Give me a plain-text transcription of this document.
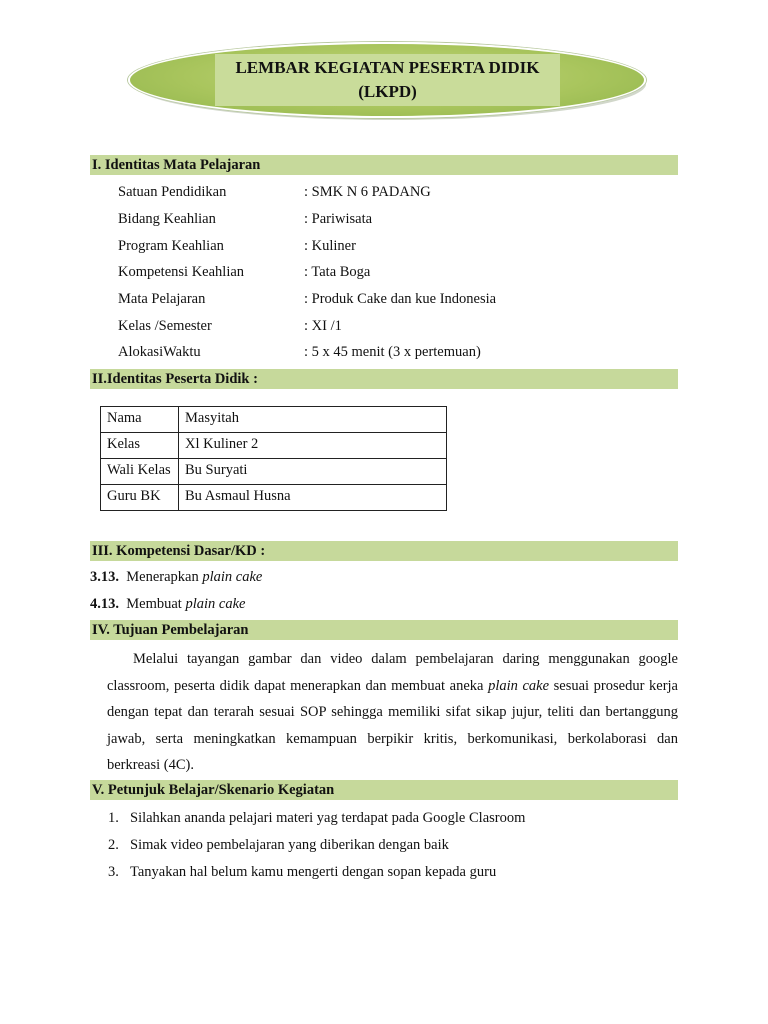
LEMBAR KEGIATAN PESERTA DIDIK
(LKPD)
I. Identitas Mata Pelajaran
Satuan Pendidikan	: SMK N 6 PADANG
Bidang Keahlian	: Pariwisata
Program Keahlian	: Kuliner
Kompetensi Keahlian	: Tata Boga
Mata Pelajaran	: Produk Cake dan kue Indonesia
Kelas /Semester	: XI /1
AlokasiWaktu	: 5 x 45 menit (3 x pertemuan)
II.Identitas Peserta Didik :
Nama	Masyitah
Kelas	Xl Kuliner 2
Wali Kelas	Bu Suryati
Guru BK	Bu Asmaul Husna
III. Kompetensi Dasar/KD :
3.13. Menerapkan plain cake
4.13. Membuat plain cake
IV. Tujuan Pembelajaran
Melalui tayangan gambar dan video dalam pembelajaran daring menggunakan google classroom, peserta didik dapat menerapkan dan membuat aneka plain cake sesuai prosedur kerja dengan tepat dan terarah sesuai SOP sehingga memiliki sifat sikap jujur, teliti dan bertanggung jawab, serta meningkatkan kemampuan berpikir kritis, berkomunikasi, berkolaborasi dan berkreasi (4C).
V. Petunjuk Belajar/Skenario Kegiatan
1. Silahkan ananda pelajari materi yag terdapat pada Google Clasroom
2. Simak video pembelajaran yang diberikan dengan baik
3. Tanyakan hal belum kamu mengerti dengan sopan kepada guru
